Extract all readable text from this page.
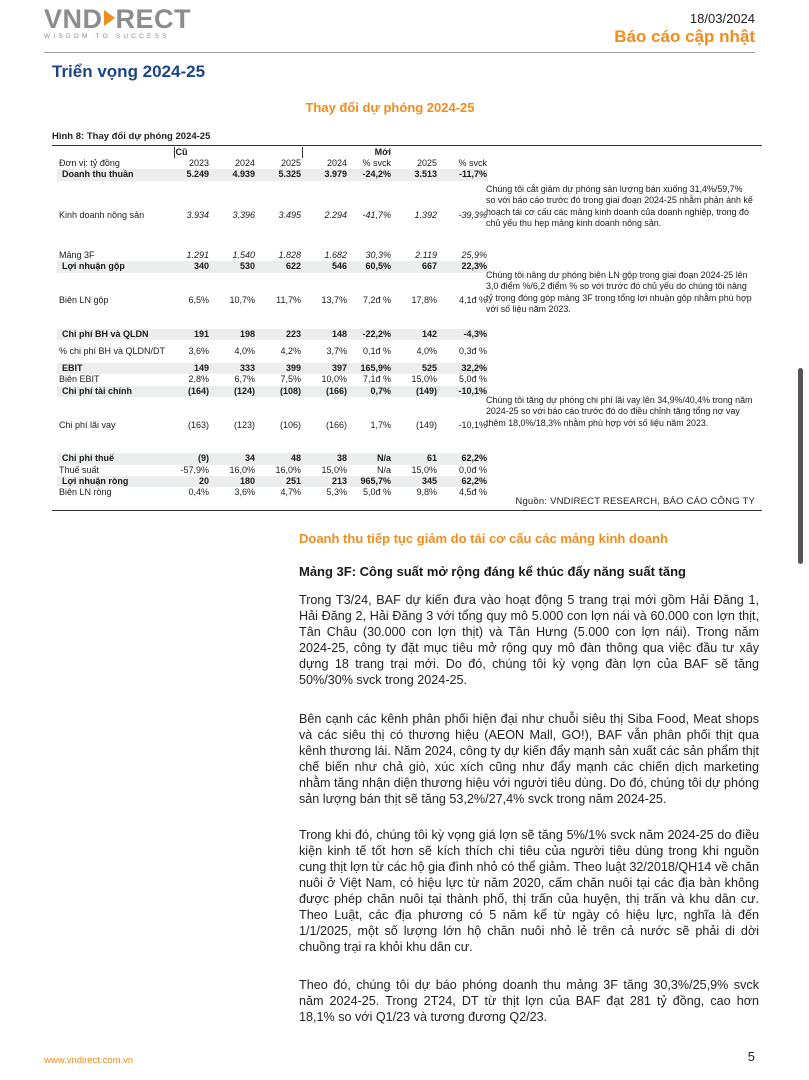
VND RECT
WISDOM TO SUCCESS
18/03/2024
Báo cáo cập nhật
Triển vọng 2024-25
Thay đổi dự phóng 2024-25
Hình 8: Thay đổi dự phóng 2024-25
	Cũ				Mới		
Đơn vị: tỷ đồng	2023	2024	2025	2024	% svck	2025	% svck
Doanh thu thuần	5.249	4.939	5.325	3.979	-24,2%	3.513	-11,7%
Kinh doanh nông sản	3.934	3.396	3.495	2.294	-41,7%	1.392	-39,3%
Mảng 3F	1.291	1.540	1.828	1.682	30,3%	2.119	25,9%
Lợi nhuận gộp	340	530	622	546	60,5%	667	22,3%
Biên LN gộp	6,5%	10,7%	11,7%	13,7%	7,2đ %	17,8%	4,1đ %
Chi phí BH và QLDN	191	198	223	148	-22,2%	142	-4,3%
% chi phí BH và QLDN/DT	3,6%	4,0%	4,2%	3,7%	0,1đ %	4,0%	0,3đ %
EBIT	149	333	399	397	165,9%	525	32,2%
Biên EBIT	2,8%	6,7%	7,5%	10,0%	7,1đ %	15,0%	5,0đ %
Chi phí tài chính	(164)	(124)	(108)	(166)	0,7%	(149)	-10,1%
Chi phí lãi vay	(163)	(123)	(106)	(166)	1,7%	(149)	-10,1%
Chi phí thuế	(9)	34	48	38	N/a	61	62,2%
Thuế suất	-57,9%	16,0%	16,0%	15,0%	N/a	15,0%	0,0đ %
Lợi nhuận ròng	20	180	251	213	965,7%	345	62,2%
Biên LN ròng	0,4%	3,6%	4,7%	5,3%	5,0đ %	9,8%	4,5đ %
Chúng tôi cắt giảm dự phóng sản lượng bán xuống 31,4%/59,7% so với báo cáo trước đó trong giai đoạn 2024-25 nhằm phản ánh kế hoạch tái cơ cấu các mảng kinh doanh của doanh nghiệp, trong đó chủ yếu thu hẹp mảng kinh doanh nông sản.
Chúng tôi nâng dự phóng biên LN gộp trong giai đoạn 2024-25 lên 3,0 điểm %/6,2 điểm % so với trước đó chủ yếu do chúng tôi nâng tỷ trọng đóng góp mảng 3F trong tổng lợi nhuận gộp nhằm phù hợp với số liệu năm 2023.
Chúng tôi tăng dự phóng chi phí lãi vay lên 34,9%/40,4% trong năm 2024-25 so với báo cáo trước đó do điều chỉnh tăng tổng nợ vay thêm 18,0%/18,3% nhằm phù hợp với số liệu năm 2023.
Nguồn: VNDIRECT RESEARCH, BÁO CÁO CÔNG TY
Doanh thu tiếp tục giảm do tái cơ cấu các mảng kinh doanh
Mảng 3F: Công suất mở rộng đáng kể thúc đẩy năng suất tăng
Trong T3/24, BAF dự kiến đưa vào hoạt động 5 trang trại mới gồm Hải Đăng 1, Hải Đăng 2, Hải Đăng 3 với tổng quy mô 5.000 con lợn nái và 60.000 con lợn thịt, Tân Châu (30.000 con lợn thịt) và Tân Hưng (5.000 con lợn nái). Trong năm 2024-25, công ty đặt mục tiêu mở rộng quy mô đàn thông qua việc đầu tư xây dựng 18 trang trại mới. Do đó, chúng tôi kỳ vọng đàn lợn của BAF sẽ tăng 50%/30% svck trong 2024-25.
Bên cạnh các kênh phân phối hiện đại như chuỗi siêu thị Siba Food, Meat shops và các siêu thị có thương hiệu (AEON Mall, GO!), BAF vẫn phân phối thịt qua kênh thương lái. Năm 2024, công ty dự kiến đẩy mạnh sản xuất các sản phẩm thịt chế biến như chả giò, xúc xích cũng như đẩy mạnh các chiến dịch marketing nhằm tăng nhận diện thương hiệu với người tiêu dùng. Do đó, chúng tôi dự phóng sản lượng bán thịt sẽ tăng 53,2%/27,4% svck trong năm 2024-25.
Trong khi đó, chúng tôi kỳ vọng giá lợn sẽ tăng 5%/1% svck năm 2024-25 do điều kiện kinh tế tốt hơn sẽ kích thích chi tiêu của người tiêu dùng trong khi nguồn cung thịt lợn từ các hộ gia đình nhỏ có thể giảm. Theo luật 32/2018/QH14 về chăn nuôi ở Việt Nam, có hiệu lực từ năm 2020, cấm chăn nuôi tại các địa bàn không được phép chăn nuôi tại thành phố, thị trấn của huyện, thị trấn và khu dân cư. Theo Luật, các địa phương có 5 năm kể từ ngày có hiệu lực, nghĩa là đến 1/1/2025, một số lượng lớn hộ chăn nuôi nhỏ lẻ trên cả nước sẽ phải di dời chuồng trại ra khỏi khu dân cư.
Theo đó, chúng tôi dự báo phóng doanh thu mảng 3F tăng 30,3%/25,9% svck năm 2024-25. Trong 2T24, DT từ thịt lợn của BAF đạt 281 tỷ đồng, cao hơn 18,1% so với Q1/23 và tương đương Q2/23.
www.vndirect.com.vn	5
